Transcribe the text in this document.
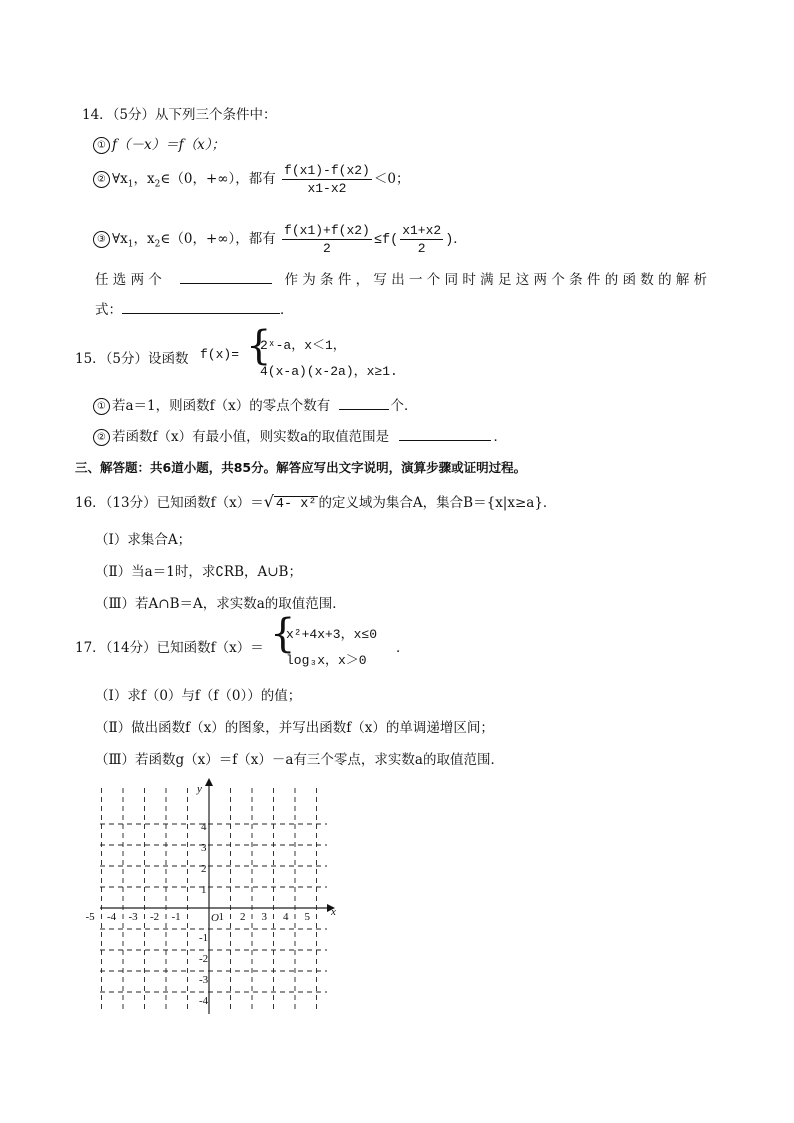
14．（5分）从下列三个条件中：
① f（－x）＝f（x）；
② $\forall x_1$，$x_2\in(0$，+∞），都有 $\frac{f(x1)-f(x2)}{x1-x2} <0$；
③ $\forall x_1$，$x_2\in(0$，+∞），都有 $\frac{f(x1)+f(x2)}{2} \le f( \frac{x1+x2}{2}$ )．
任 选 两 个	作 为 条 件 ， 写 出 一 个 同 时 满 足 这 两 个 条 件 的 函 数 的 解 析
式：	．
15．（5分）设函数 f(x)= {
2ˣ-a，x＜1，
4(x-a)(x-2a)，x≥1.
① 若a＝1，则函数f（x）的零点个数有	个．
② 若函数f（x）有最小值，则实数a的取值范围是	．
三、解答题：共6道小题，共85分。解答应写出文字说明，演算步骤或证明过程。
16．（13分）已知函数f（x）＝√ 4- x² 的定义域为集合A，集合B＝{x|x≥a}．
（Ⅰ）求集合A；
（Ⅱ）当a＝1时，求∁RB，A∪B；
（Ⅲ）若A∩B＝A，求实数a的取值范围．
17．（14分）已知函数f（x）＝ {
x²+4x+3，x≤0
log₃x，x＞0
．
（Ⅰ）求f（0）与f（f（0））的值；
（Ⅱ）做出函数f（x）的图象，并写出函数f（x）的单调递增区间；
（Ⅲ）若函数g（x）＝f（x）－a有三个零点，求实数a的取值范围．
-5 -4 -3 -2 -1	1 2 3 4 5
4
3
2
1
-1
-2
-3
-4
O	x
y
